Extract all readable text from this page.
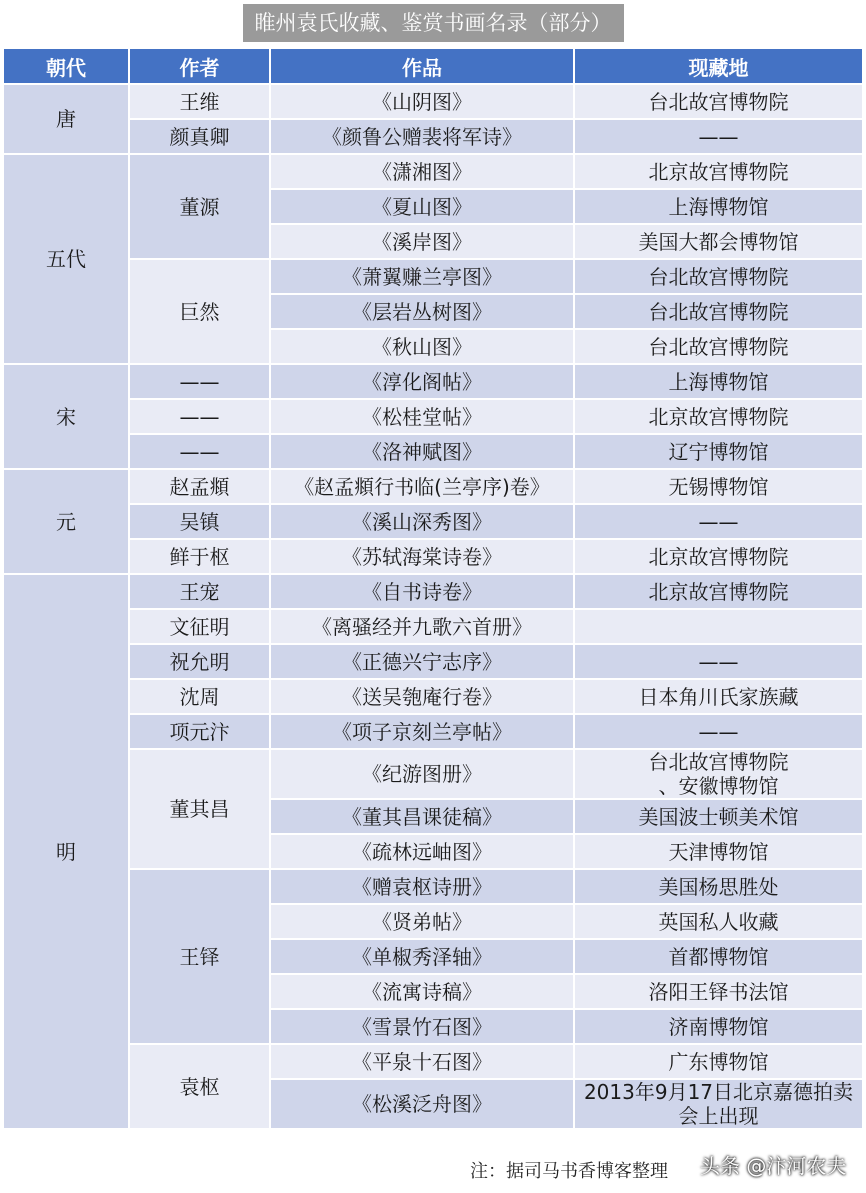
睢州袁氏收藏、鉴赏书画名录（部分）
朝代	作者	作品	现藏地
唐	王维	《山阴图》	台北故宫博物院
	颜真卿	《颜鲁公赠裴将军诗》	——
五代	董源	《潇湘图》	北京故宫博物院
		《夏山图》	上海博物馆
		《溪岸图》	美国大都会博物馆
	巨然	《萧翼赚兰亭图》	台北故宫博物院
		《层岩丛树图》	台北故宫博物院
		《秋山图》	台北故宫博物院
宋	——	《淳化阁帖》	上海博物馆
	——	《松桂堂帖》	北京故宫博物院
	——	《洛神赋图》	辽宁博物馆
元	赵孟頫	《赵孟頫行书临(兰亭序)卷》	无锡博物馆
	吴镇	《溪山深秀图》	——
	鲜于枢	《苏轼海棠诗卷》	北京故宫博物院
明	王宠	《自书诗卷》	北京故宫博物院
	文征明	《离骚经并九歌六首册》	
	祝允明	《正德兴宁志序》	——
	沈周	《送吴匏庵行卷》	日本角川氏家族藏
	项元汴	《项子京刻兰亭帖》	——
	董其昌	《纪游图册》	台北故宫博物院
、安徽博物馆
		《董其昌课徒稿》	美国波士顿美术馆
		《疏林远岫图》	天津博物馆
	王铎	《赠袁枢诗册》	美国杨思胜处
		《贤弟帖》	英国私人收藏
		《单椒秀泽轴》	首都博物馆
		《流寓诗稿》	洛阳王铎书法馆
		《雪景竹石图》	济南博物馆
	袁枢	《平泉十石图》	广东博物馆
		《松溪泛舟图》	2013年9月17日北京嘉德拍卖会上出现
注：据司马书香博客整理 头条 @汴河农夫
